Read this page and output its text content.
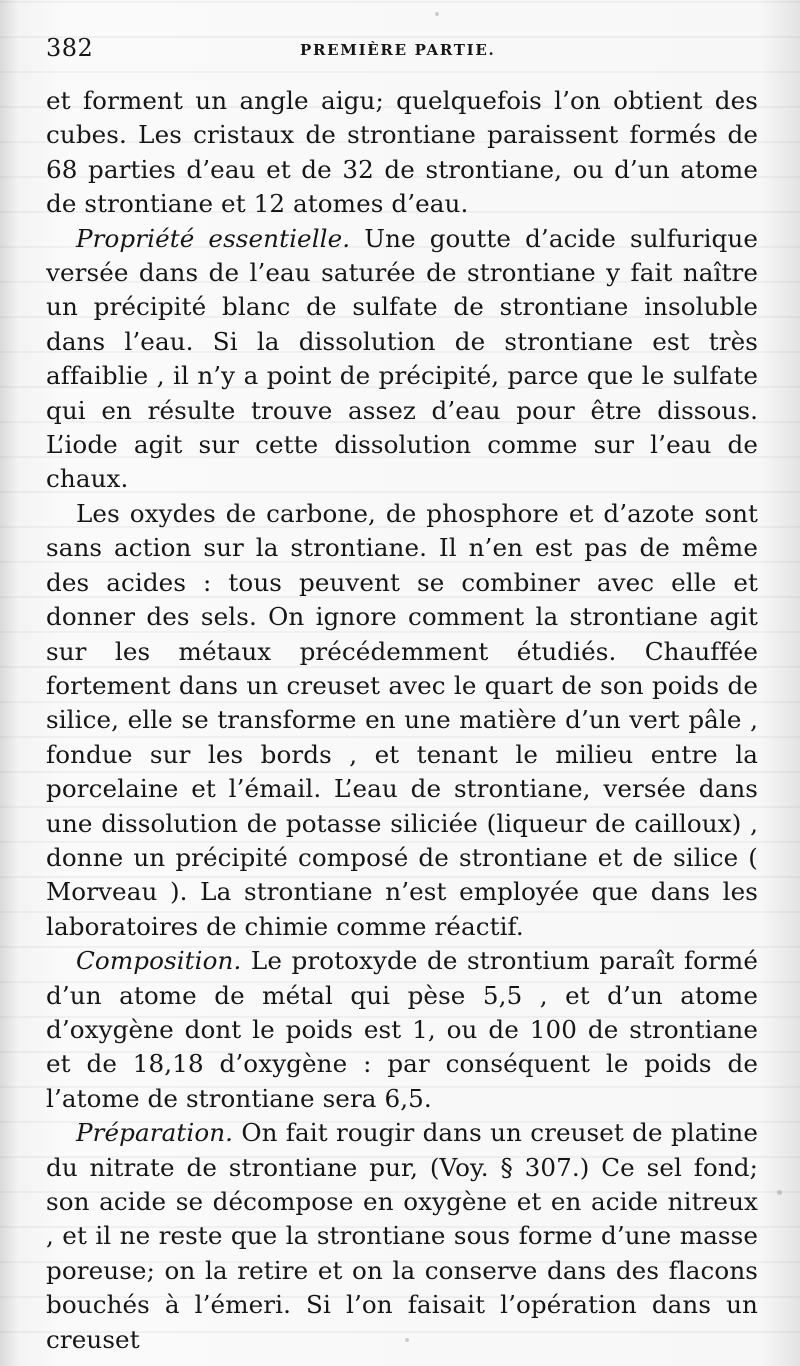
382	PREMIÈRE PARTIE.

et forment un angle aigu; quelquefois l’on obtient des cubes. Les cristaux de strontiane paraissent formés de 68 parties d’eau et de 32 de strontiane, ou d’un atome de strontiane et 12 atomes d’eau.

Propriété essentielle. Une goutte d’acide sulfurique versée dans de l’eau saturée de strontiane y fait naître un précipité blanc de sulfate de strontiane insoluble dans l’eau. Si la dissolution de strontiane est très affaiblie , il n’y a point de précipité, parce que le sulfate qui en résulte trouve assez d’eau pour être dissous. L’iode agit sur cette dissolution comme sur l’eau de chaux.

Les oxydes de carbone, de phosphore et d’azote sont sans action sur la strontiane. Il n’en est pas de même des acides : tous peuvent se combiner avec elle et donner des sels. On ignore comment la strontiane agit sur les métaux précédemment étudiés. Chauffée fortement dans un creuset avec le quart de son poids de silice, elle se transforme en une matière d’un vert pâle , fondue sur les bords , et tenant le milieu entre la porcelaine et l’émail. L’eau de strontiane, versée dans une dissolution de potasse siliciée (liqueur de cailloux) , donne un précipité composé de strontiane et de silice ( Morveau ). La strontiane n’est employée que dans les laboratoires de chimie comme réactif.

Composition. Le protoxyde de strontium paraît formé d’un atome de métal qui pèse 5,5 , et d’un atome d’oxygène dont le poids est 1, ou de 100 de strontiane et de 18,18 d’oxygène : par conséquent le poids de l’atome de strontiane sera 6,5.

Préparation. On fait rougir dans un creuset de platine du nitrate de strontiane pur, (Voy. § 307.) Ce sel fond; son acide se décompose en oxygène et en acide nitreux , et il ne reste que la strontiane sous forme d’une masse poreuse; on la retire et on la conserve dans des flacons bouchés à l’émeri. Si l’on faisait l’opération dans un creuset
